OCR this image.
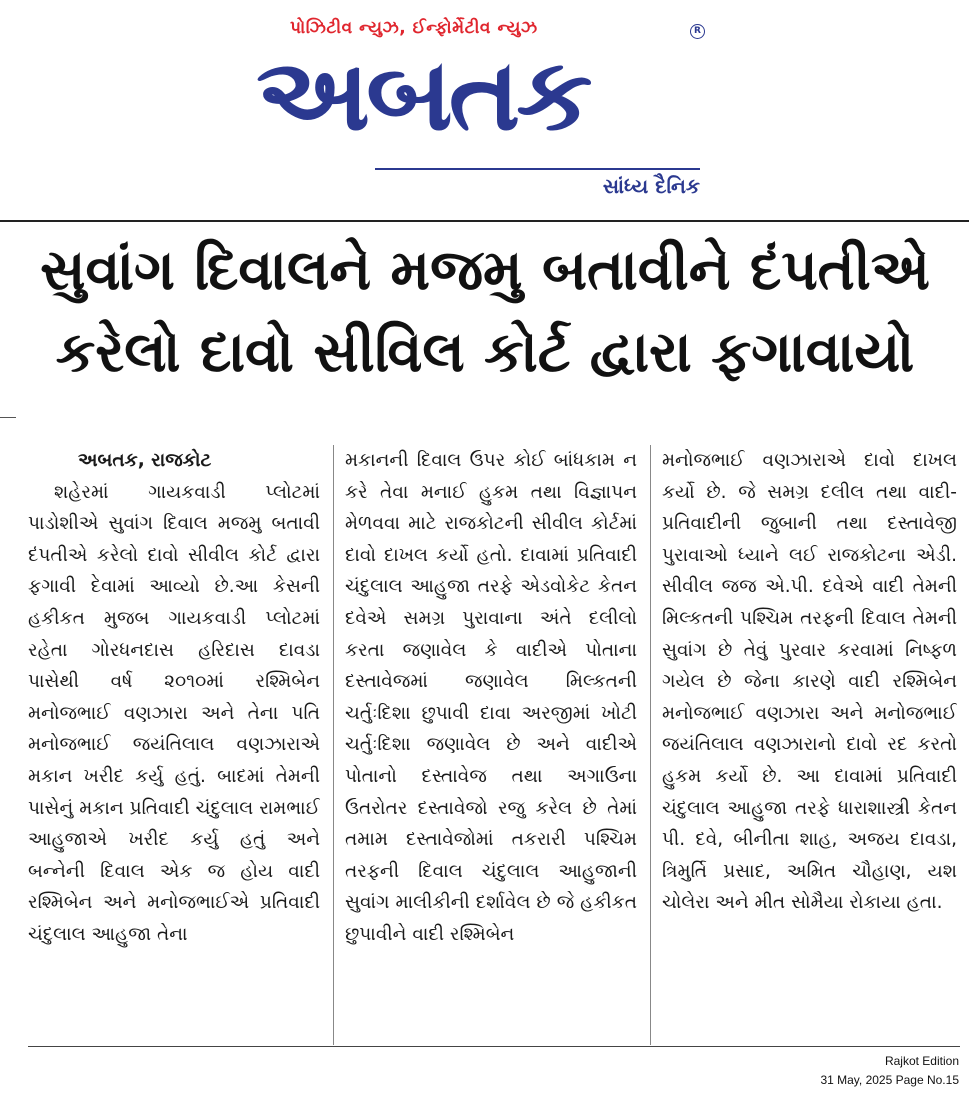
પોઝિટીવ ન્યુઝ, ઈન્ફોર્મેટીવ ન્યુઝ	R
અબતક
સાંધ્ય દૈનિક
સુવાંગ દિવાલને મજમુ બતાવીને દંપતીએ
કરેલો દાવો સીવિલ કોર્ટ દ્વારા ફગાવાયો
અબતક, રાજકોટ
શહેરમાં ગાયકવાડી પ્લોટમાં પાડોશીએ સુવાંગ દિવાલ મજમુ બતાવી દંપતીએ કરેલો દાવો સીવીલ કોર્ટ દ્વારા ફગાવી દેવામાં આવ્યો છે.આ કેસની હકીકત મુજબ ગાયકવાડી પ્લોટમાં રહેતા ગોરધનદાસ હરિદાસ દાવડા પાસેથી વર્ષ ૨૦૧૦માં રશ્મિબેન મનોજભાઈ વણઝારા અને તેના પતિ મનોજભાઈ જયંતિલાલ વણઝારાએ મકાન ખરીદ કર્યુ હતું. બાદમાં તેમની પાસેનું મકાન પ્રતિવાદી ચંદુલાલ રામભાઈ આહુજાએ ખરીદ કર્યુ હતું અને બન્નેની દિવાલ એક જ હોય વાદી રશ્મિબેન અને મનોજભાઈએ પ્રતિવાદી ચંદુલાલ આહુજા તેના
મકાનની દિવાલ ઉપર કોઈ બાંધકામ ન કરે તેવા મનાઈ હુકમ તથા વિજ્ઞાપન મેળવવા માટે રાજકોટની સીવીલ કોર્ટમાં દાવો દાખલ કર્યો હતો. દાવામાં પ્રતિવાદી ચંદુલાલ આહુજા તરફે એડવોકેટ કેતન દવેએ સમગ્ર પુરાવાના અંતે દલીલો કરતા જણાવેલ કે વાદીએ પોતાના દસ્તાવેજમાં જણાવેલ મિલ્કતની ચર્તુઃદિશા છુપાવી દાવા અરજીમાં ખોટી ચર્તુઃદિશા જણાવેલ છે અને વાદીએ પોતાનો દસ્તાવેજ તથા અગાઉના ઉતરોતર દસ્તાવેજો રજુ કરેલ છે તેમાં તમામ દસ્તાવેજોમાં તકરારી પશ્ચિમ તરફની દિવાલ ચંદુલાલ આહુજાની સુવાંગ માલીકીની દર્શાવેલ છે જે હકીકત છુપાવીને વાદી રશ્મિબેન
મનોજભાઈ વણઝારાએ દાવો દાખલ કર્યો છે. જે સમગ્ર દલીલ તથા વાદી-પ્રતિવાદીની જુબાની તથા દસ્તાવેજી પુરાવાઓ ધ્યાને લઈ રાજકોટના એડી. સીવીલ જજ એ.પી. દવેએ વાદી તેમની મિલ્કતની પશ્ચિમ તરફની દિવાલ તેમની સુવાંગ છે તેવું પુરવાર કરવામાં નિષ્ફળ ગયેલ છે જેના કારણે વાદી રશ્મિબેન મનોજભાઈ વણઝારા અને મનોજભાઈ જયંતિલાલ વણઝારાનો દાવો રદ કરતો હુકમ કર્યો છે. આ દાવામાં પ્રતિવાદી ચંદુલાલ આહુજા તરફે ધારાશાસ્ત્રી કેતન પી. દવે, બીનીતા શાહ, અજય દાવડા, ત્રિમુર્તિ પ્રસાદ, અમિત ચૌહાણ, યશ ચોલેરા અને મીત સોમૈયા રોકાયા હતા.
Rajkot Edition
31 May, 2025 Page No.15
